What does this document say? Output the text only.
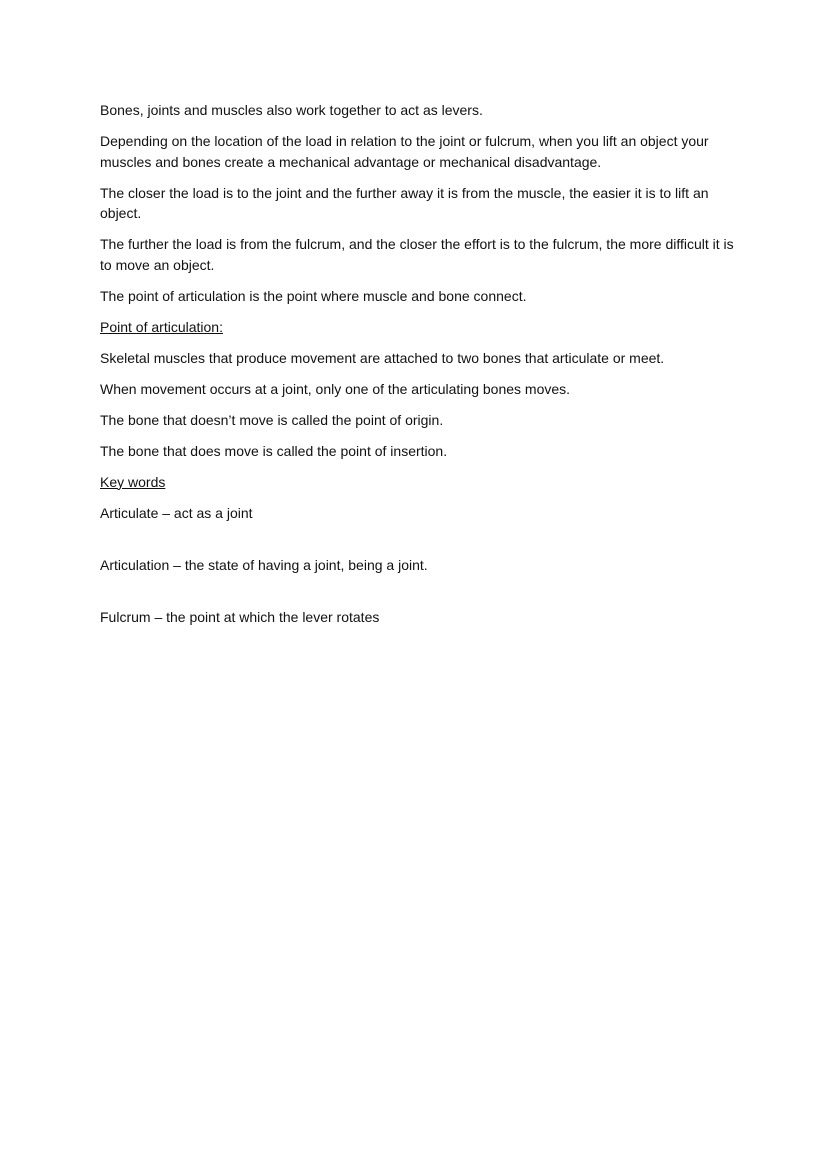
Bones, joints and muscles also work together to act as levers.

Depending on the location of the load in relation to the joint or fulcrum, when you lift an object your muscles and bones create a mechanical advantage or mechanical disadvantage.

The closer the load is to the joint and the further away it is from the muscle, the easier it is to lift an object.

The further the load is from the fulcrum, and the closer the effort is to the fulcrum, the more difficult it is to move an object.

The point of articulation is the point where muscle and bone connect.

Point of articulation:

Skeletal muscles that produce movement are attached to two bones that articulate or meet.

When movement occurs at a joint, only one of the articulating bones moves.

The bone that doesn’t move is called the point of origin.

The bone that does move is called the point of insertion.

Key words

Articulate – act as a joint

Articulation – the state of having a joint, being a joint.

Fulcrum – the point at which the lever rotates
